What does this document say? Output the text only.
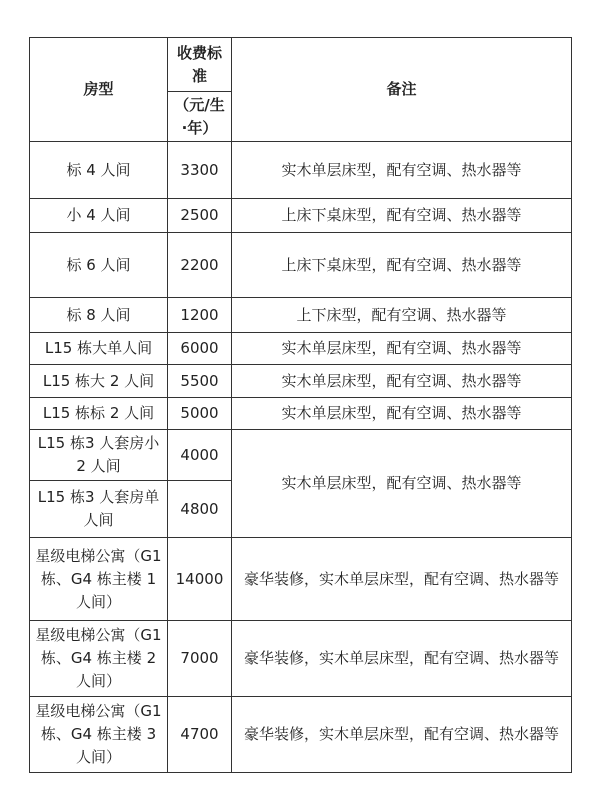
房型	收费标准	备注
	（元/生·年）	
标 4 人间	3300	实木单层床型，配有空调、热水器等
小 4 人间	2500	上床下桌床型，配有空调、热水器等
标 6 人间	2200	上床下桌床型，配有空调、热水器等
标 8 人间	1200	上下床型，配有空调、热水器等
L15 栋大单人间	6000	实木单层床型，配有空调、热水器等
L15 栋大 2 人间	5500	实木单层床型，配有空调、热水器等
L15 栋标 2 人间	5000	实木单层床型，配有空调、热水器等
L15 栋3 人套房小 2 人间	4000	实木单层床型，配有空调、热水器等
L15 栋3 人套房单人间	4800	
星级电梯公寓（G1 栋、G4 栋主楼 1 人间）	14000	豪华装修，实木单层床型，配有空调、热水器等
星级电梯公寓（G1 栋、G4 栋主楼 2 人间）	7000	豪华装修，实木单层床型，配有空调、热水器等
星级电梯公寓（G1 栋、G4 栋主楼 3 人间）	4700	豪华装修，实木单层床型，配有空调、热水器等
